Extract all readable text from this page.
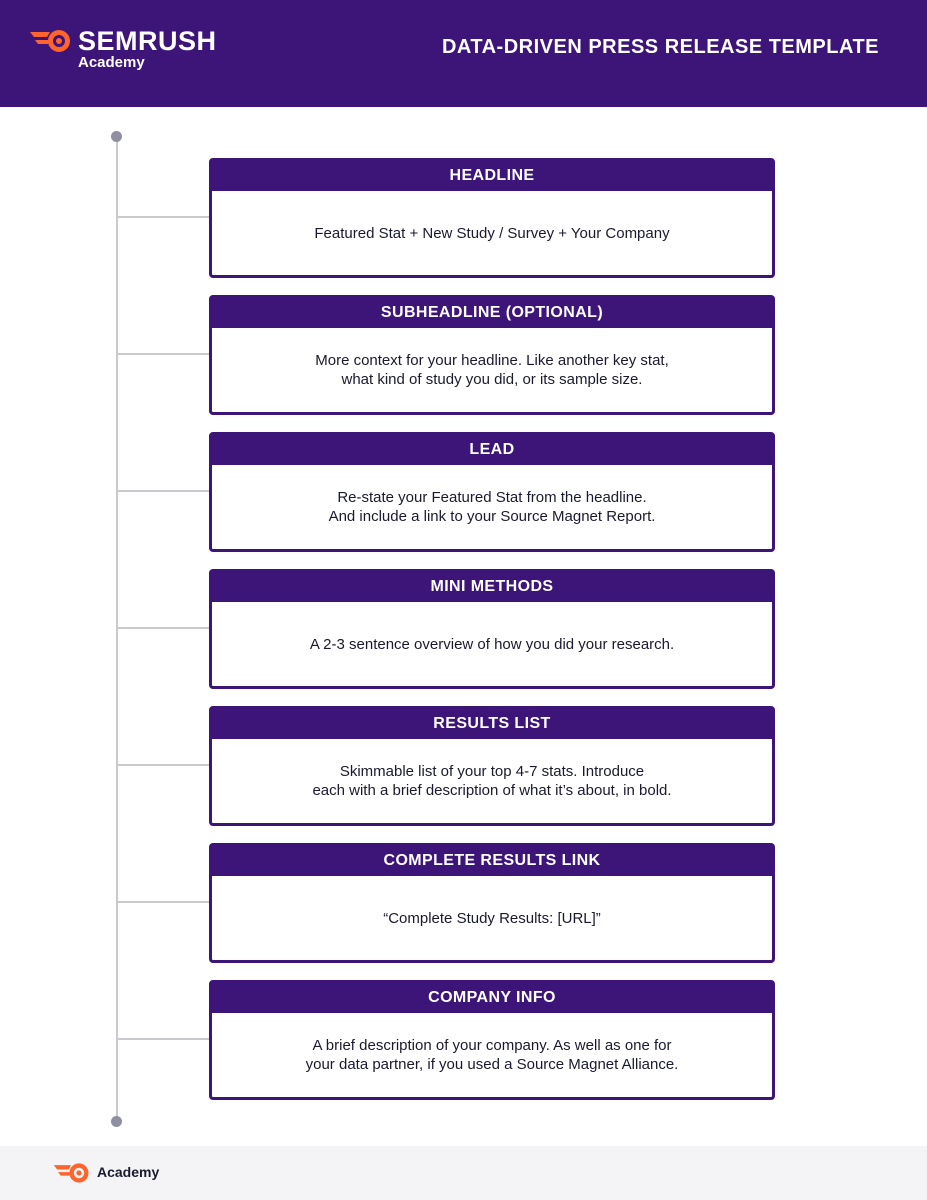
SEMRUSH
Academy
DATA-DRIVEN PRESS RELEASE TEMPLATE
HEADLINE
Featured Stat + New Study / Survey + Your Company
SUBHEADLINE (OPTIONAL)
More context for your headline. Like another key stat,
what kind of study you did, or its sample size.
LEAD
Re-state your Featured Stat from the headline.
And include a link to your Source Magnet Report.
MINI METHODS
A 2-3 sentence overview of how you did your research.
RESULTS LIST
Skimmable list of your top 4-7 stats. Introduce
each with a brief description of what it’s about, in bold.
COMPLETE RESULTS LINK
“Complete Study Results: [URL]”
COMPANY INFO
A brief description of your company. As well as one for
your data partner, if you used a Source Magnet Alliance.
Academy
